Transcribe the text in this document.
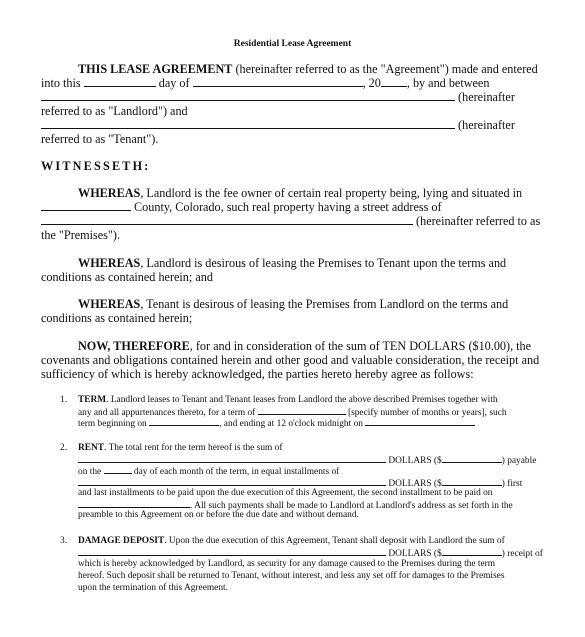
Residential Lease Agreement
THIS LEASE AGREEMENT (hereinafter referred to as the "Agreement") made and entered
into this	day of	, 20 , by and between
(hereinafter
referred to as "Landlord") and
(hereinafter
referred to as "Tenant").
WITNESSETH:
WHEREAS, Landlord is the fee owner of certain real property being, lying and situated in
County, Colorado, such real property having a street address of
(hereinafter referred to as
the "Premises").
WHEREAS, Landlord is desirous of leasing the Premises to Tenant upon the terms and
conditions as contained herein; and
WHEREAS, Tenant is desirous of leasing the Premises from Landlord on the terms and
conditions as contained herein;
NOW, THEREFORE, for and in consideration of the sum of TEN DOLLARS ($10.00), the
covenants and obligations contained herein and other good and valuable consideration, the receipt and
sufficiency of which is hereby acknowledged, the parties hereto hereby agree as follows:
1. TERM. Landlord leases to Tenant and Tenant leases from Landlord the above described Premises together with
any and all appurtenances thereto, for a term of	[specify number of months or years], such
term beginning on	, and ending at 12 o'clock midnight on
2. RENT. The total rent for the term hereof is the sum of
DOLLARS ($	) payable
on the	day of each month of the term, in equal installments of
DOLLARS ($	) first
and last installments to be paid upon the due execution of this Agreement, the second installment to be paid on
. All such payments shall be made to Landlord at Landlord's address as set forth in the
preamble to this Agreement on or before the due date and without demand.
3. DAMAGE DEPOSIT. Upon the due execution of this Agreement, Tenant shall deposit with Landlord the sum of
DOLLARS ($	) receipt of
which is hereby acknowledged by Landlord, as security for any damage caused to the Premises during the term
hereof. Such deposit shall be returned to Tenant, without interest, and less any set off for damages to the Premises
upon the termination of this Agreement.
